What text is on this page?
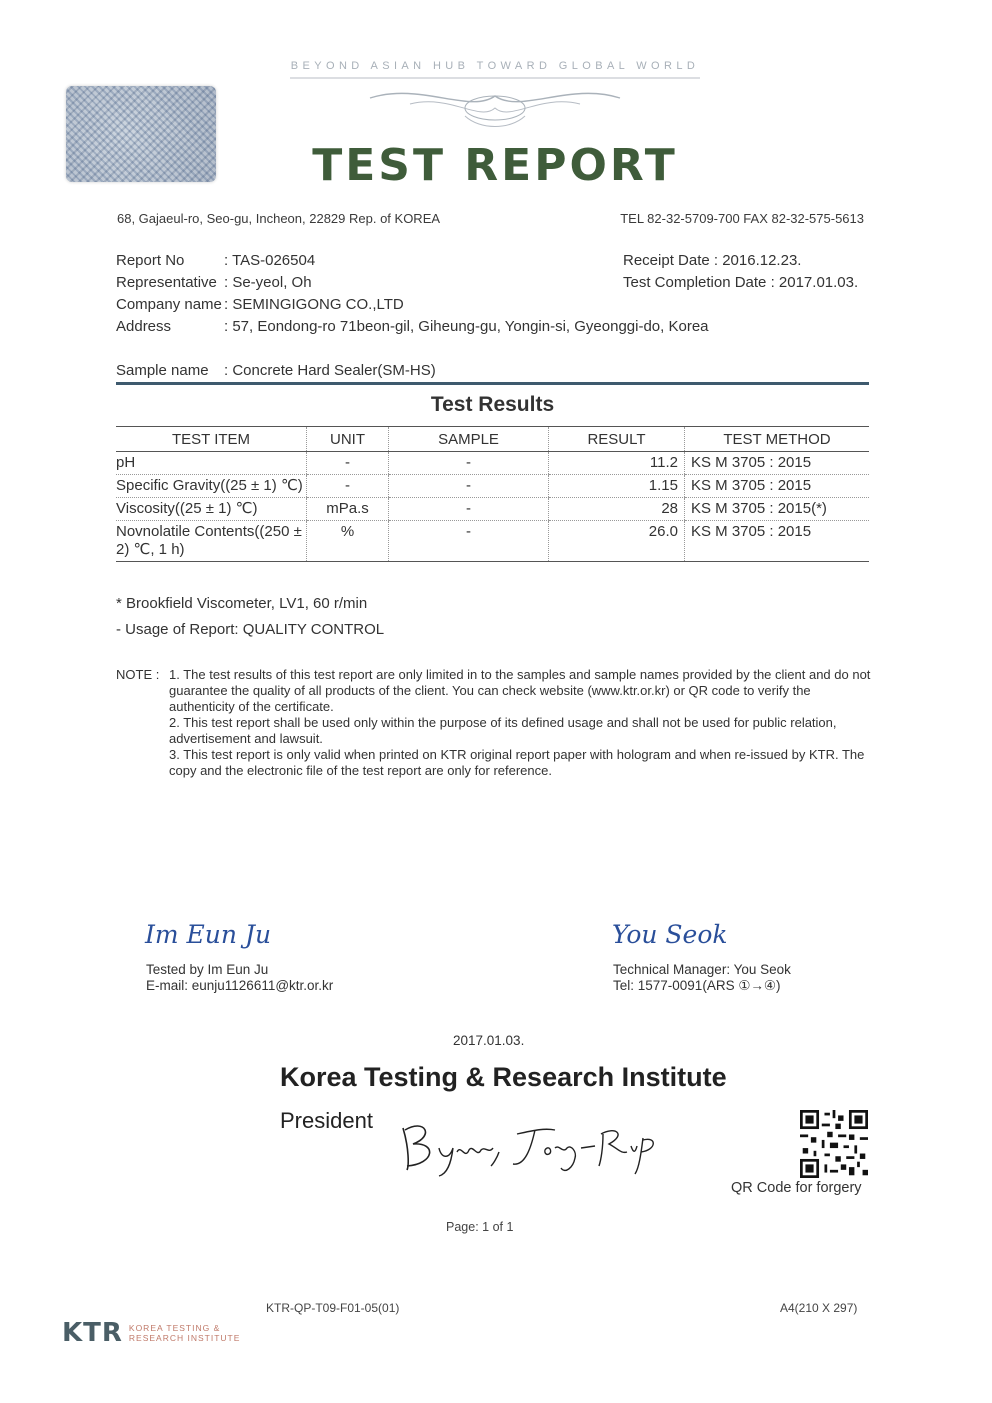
BEYOND ASIAN HUB TOWARD GLOBAL WORLD
TEST REPORT
68, Gajaeul-ro, Seo-gu, Incheon, 22829 Rep. of KOREA	TEL 82-32-5709-700 FAX 82-32-575-5613
Report No	: TAS-026504
Representative : Se-yeol, Oh
Company name : SEMINGIGONG CO.,LTD
Address	: 57, Eondong-ro 71beon-gil, Giheung-gu, Yongin-si, Gyeonggi-do, Korea
Receipt Date : 2016.12.23.
Test Completion Date : 2017.01.03.
Sample name : Concrete Hard Sealer(SM-HS)
Test Results
TEST ITEM	UNIT	SAMPLE	RESULT	TEST METHOD
pH	-	-	11.2	KS M 3705 : 2015
Specific Gravity((25 ± 1) ℃)	-	-	1.15	KS M 3705 : 2015
Viscosity((25 ± 1) ℃)	mPa.s	-	28	KS M 3705 : 2015(*)
Novnolatile Contents((250 ± 2) ℃, 1 h)	%	-	26.0	KS M 3705 : 2015
* Brookfield Viscometer, LV1, 60 r/min
- Usage of Report: QUALITY CONTROL
NOTE : 1. The test results of this test report are only limited in to the samples and sample names provided by the client and do not guarantee the quality of all products of the client. You can check website (www.ktr.or.kr) or QR code to verify the authenticity of the certificate.

2. This test report shall be used only within the purpose of its defined usage and shall not be used for public relation, advertisement and lawsuit.

3. This test report is only valid when printed on KTR original report paper with hologram and when re-issued by KTR. The copy and the electronic file of the test report are only for reference.

Im Eun Ju
Tested by Im Eun Ju
E-mail: eunju1126611@ktr.or.kr
You Seok
Technical Manager: You Seok
Tel: 1577-0091(ARS ①→④)
2017.01.03.
Korea Testing & Research Institute
President
QR Code for forgery
Page: 1 of 1
KTR-QP-T09-F01-05(01)	A4(210 X 297)
KTR KOREA TESTING &
RESEARCH INSTITUTE
